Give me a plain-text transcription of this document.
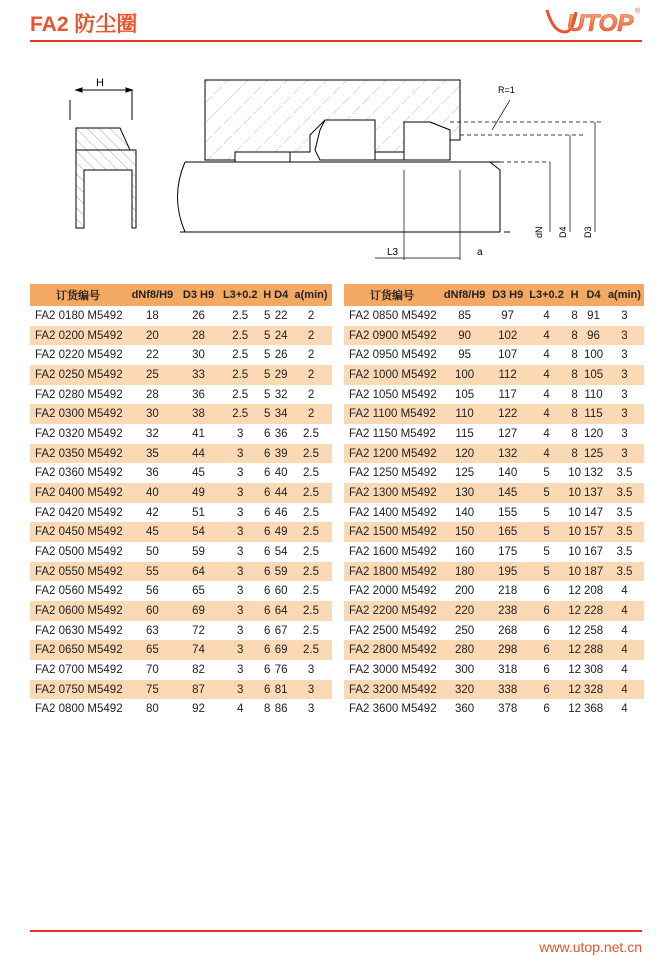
FA2 防尘圈	UTOP ®
H
R=1
L3	a
dN D4 D3
订货编号	dNf8/H9	D3 H9	L3+0.2	H	D4	a(min)
FA2 0180 M5492	18	26	2.5	5	22	2
FA2 0200 M5492	20	28	2.5	5	24	2
FA2 0220 M5492	22	30	2.5	5	26	2
FA2 0250 M5492	25	33	2.5	5	29	2
FA2 0280 M5492	28	36	2.5	5	32	2
FA2 0300 M5492	30	38	2.5	5	34	2
FA2 0320 M5492	32	41	3	6	36	2.5
FA2 0350 M5492	35	44	3	6	39	2.5
FA2 0360 M5492	36	45	3	6	40	2.5
FA2 0400 M5492	40	49	3	6	44	2.5
FA2 0420 M5492	42	51	3	6	46	2.5
FA2 0450 M5492	45	54	3	6	49	2.5
FA2 0500 M5492	50	59	3	6	54	2.5
FA2 0550 M5492	55	64	3	6	59	2.5
FA2 0560 M5492	56	65	3	6	60	2.5
FA2 0600 M5492	60	69	3	6	64	2.5
FA2 0630 M5492	63	72	3	6	67	2.5
FA2 0650 M5492	65	74	3	6	69	2.5
FA2 0700 M5492	70	82	3	6	76	3
FA2 0750 M5492	75	87	3	6	81	3
FA2 0800 M5492	80	92	4	8	86	3
订货编号	dNf8/H9	D3 H9	L3+0.2	H	D4	a(min)
FA2 0850 M5492	85	97	4	8	91	3
FA2 0900 M5492	90	102	4	8	96	3
FA2 0950 M5492	95	107	4	8	100	3
FA2 1000 M5492	100	112	4	8	105	3
FA2 1050 M5492	105	117	4	8	110	3
FA2 1100 M5492	110	122	4	8	115	3
FA2 1150 M5492	115	127	4	8	120	3
FA2 1200 M5492	120	132	4	8	125	3
FA2 1250 M5492	125	140	5	10	132	3.5
FA2 1300 M5492	130	145	5	10	137	3.5
FA2 1400 M5492	140	155	5	10	147	3.5
FA2 1500 M5492	150	165	5	10	157	3.5
FA2 1600 M5492	160	175	5	10	167	3.5
FA2 1800 M5492	180	195	5	10	187	3.5
FA2 2000 M5492	200	218	6	12	208	4
FA2 2200 M5492	220	238	6	12	228	4
FA2 2500 M5492	250	268	6	12	258	4
FA2 2800 M5492	280	298	6	12	288	4
FA2 3000 M5492	300	318	6	12	308	4
FA2 3200 M5492	320	338	6	12	328	4
FA2 3600 M5492	360	378	6	12	368	4
www.utop.net.cn
